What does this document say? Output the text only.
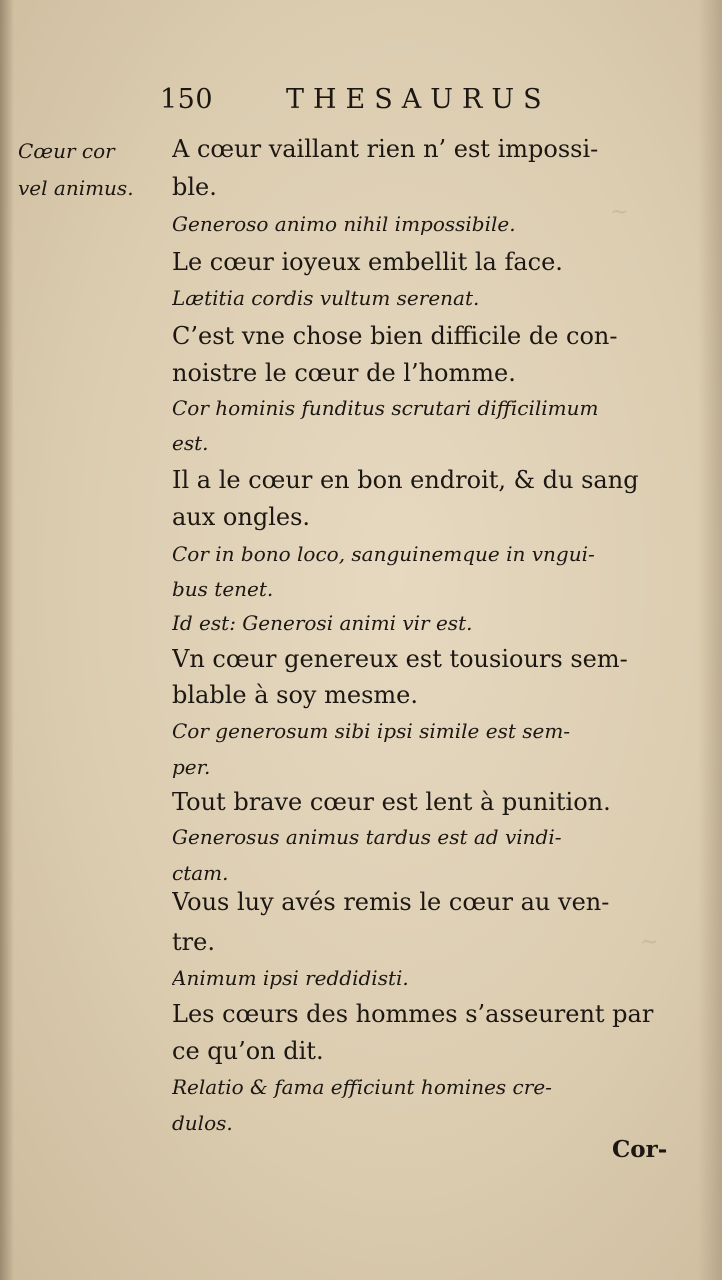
~
~
150	THESAURUS
Cœur cor
vel animus.
A cœur vaillant rien n’ est impossi-
ble.
Generoso animo nihil impossibile.
Le cœur ioyeux embellit la face.
Lætitia cordis vultum serenat.
C’est vne chose bien difficile de con-
noistre le cœur de l’homme.
Cor hominis funditus scrutari difficilimum
est.
Il a le cœur en bon endroit, & du sang
aux ongles.
Cor in bono loco, sanguinemque in vngui-
bus tenet.
Id est: Generosi animi vir est.
Vn cœur genereux est tousiours sem-
blable à soy mesme.
Cor generosum sibi ipsi simile est sem-
per.
Tout brave cœur est lent à punition.
Generosus animus tardus est ad vindi-
ctam.
Vous luy avés remis le cœur au ven-
tre.
Animum ipsi reddidisti.
Les cœurs des hommes s’asseurent par
ce qu’on dit.
Relatio & fama efficiunt homines cre-
dulos.
Cor-
